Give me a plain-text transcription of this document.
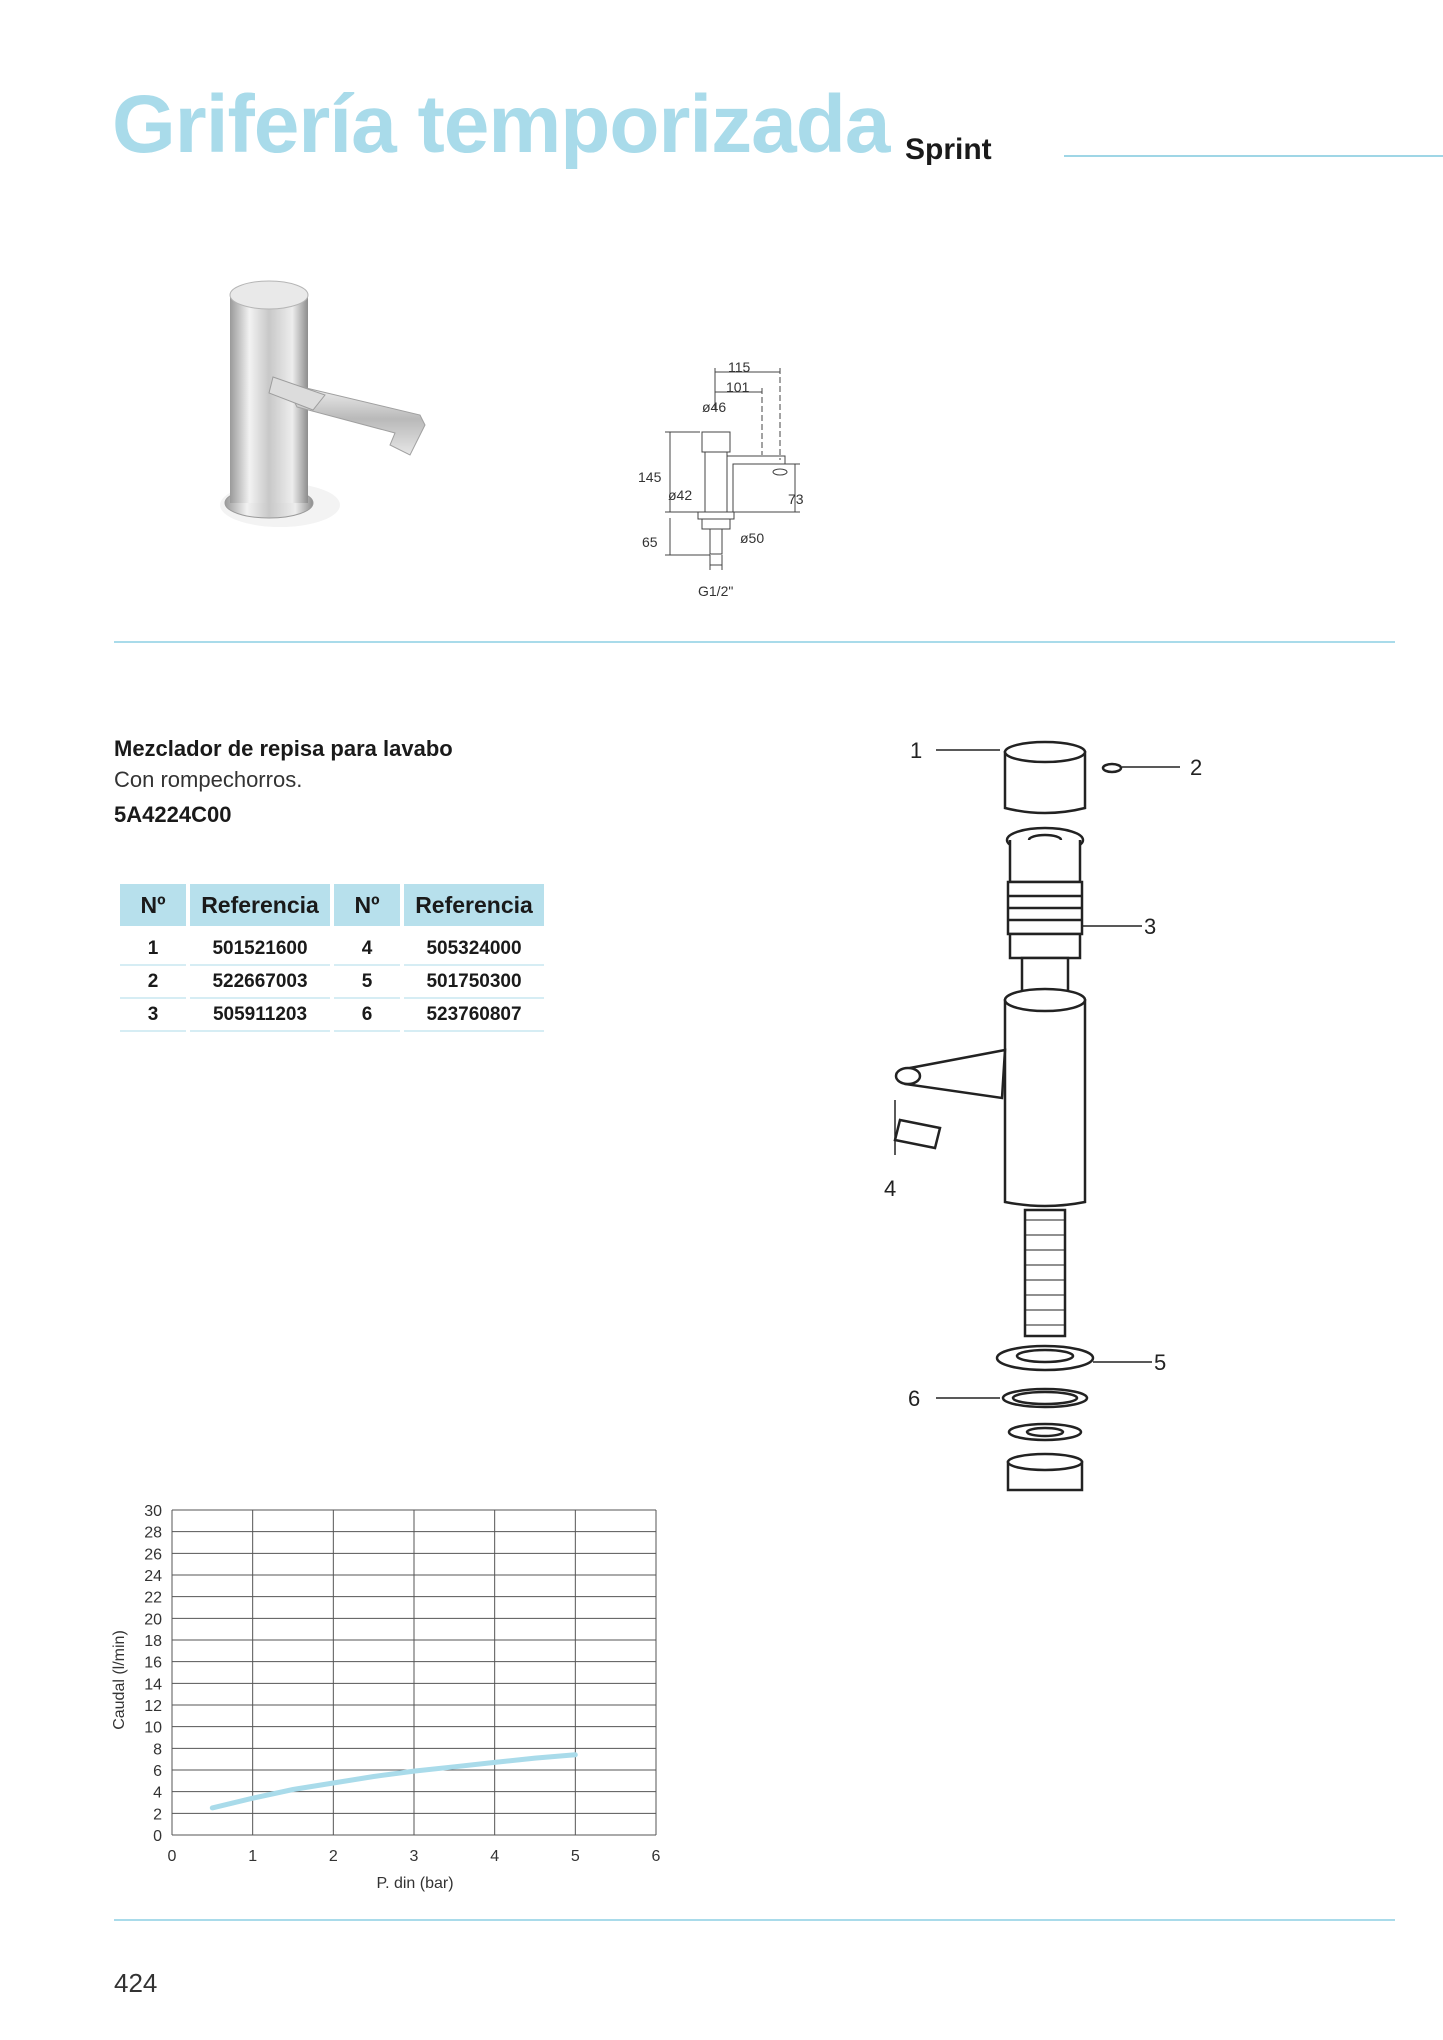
Grifería temporizada Sprint
115
101
ø46
145
ø42	73
65	ø50
G1/2"
Mezclador de repisa para lavabo
Con rompechorros.
5A4224C00
Nº	Referencia	Nº	Referencia
1	501521600	4	505324000
2	522667003	5	501750300
3	505911203	6	523760807
1
2
3
4
5
6
0
2
4
6
8
10
12
14
16
18
20
22
24
26
28
30
0	1	2	3	4	5	6
P. din (bar)
Caudal (l/min)
424
